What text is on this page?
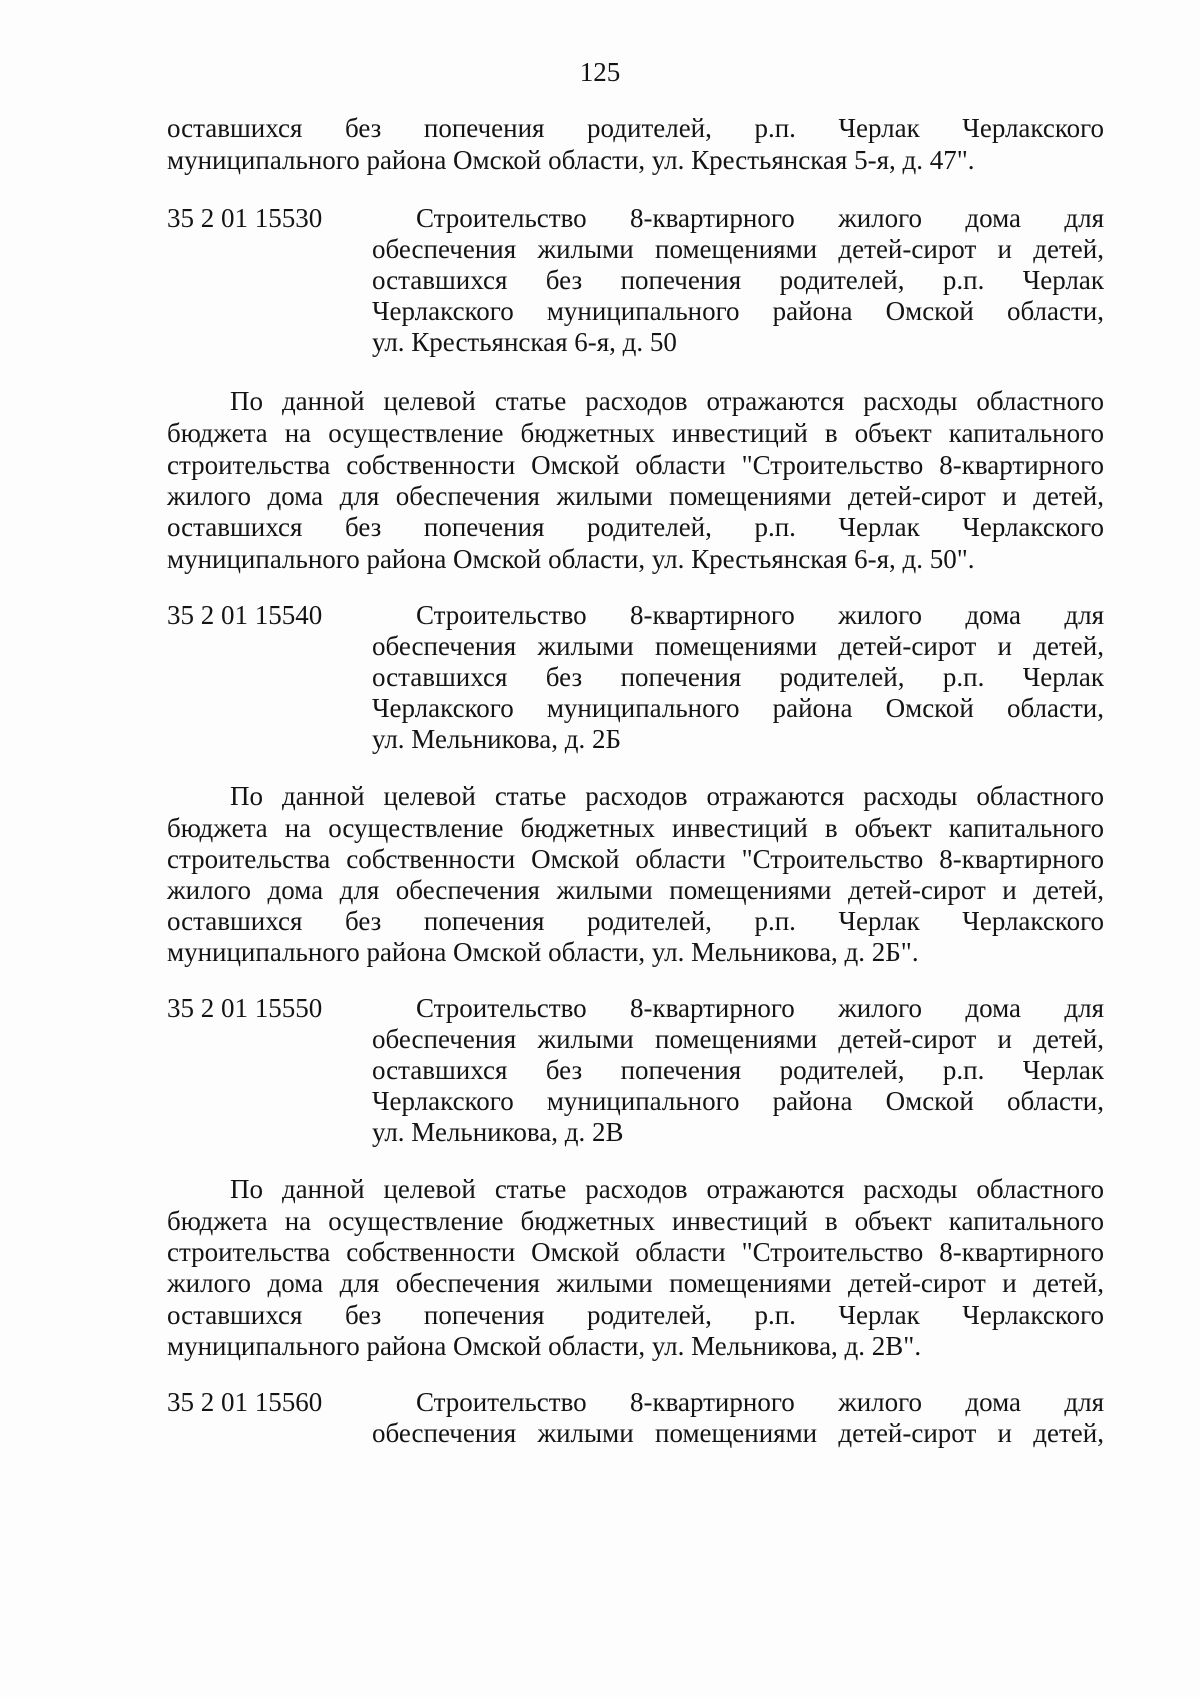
125
оставшихся без попечения родителей, р.п. Черлак Черлакского
муниципального района Омской области, ул. Крестьянская 5-я, д. 47".
35 2 01 15530	Строительство 8-квартирного жилого дома для
обеспечения жилыми помещениями детей-сирот и детей,
оставшихся без попечения родителей, р.п. Черлак
Черлакского муниципального района Омской области,
ул. Крестьянская 6-я, д. 50
По данной целевой статье расходов отражаются расходы областного
бюджета на осуществление бюджетных инвестиций в объект капитального
строительства собственности Омской области "Строительство 8-квартирного
жилого дома для обеспечения жилыми помещениями детей-сирот и детей,
оставшихся без попечения родителей, р.п. Черлак Черлакского
муниципального района Омской области, ул. Крестьянская 6-я, д. 50".
35 2 01 15540	Строительство 8-квартирного жилого дома для
обеспечения жилыми помещениями детей-сирот и детей,
оставшихся без попечения родителей, р.п. Черлак
Черлакского муниципального района Омской области,
ул. Мельникова, д. 2Б
По данной целевой статье расходов отражаются расходы областного
бюджета на осуществление бюджетных инвестиций в объект капитального
строительства собственности Омской области "Строительство 8-квартирного
жилого дома для обеспечения жилыми помещениями детей-сирот и детей,
оставшихся без попечения родителей, р.п. Черлак Черлакского
муниципального района Омской области, ул. Мельникова, д. 2Б".
35 2 01 15550	Строительство 8-квартирного жилого дома для
обеспечения жилыми помещениями детей-сирот и детей,
оставшихся без попечения родителей, р.п. Черлак
Черлакского муниципального района Омской области,
ул. Мельникова, д. 2В
По данной целевой статье расходов отражаются расходы областного
бюджета на осуществление бюджетных инвестиций в объект капитального
строительства собственности Омской области "Строительство 8-квартирного
жилого дома для обеспечения жилыми помещениями детей-сирот и детей,
оставшихся без попечения родителей, р.п. Черлак Черлакского
муниципального района Омской области, ул. Мельникова, д. 2В".
35 2 01 15560	Строительство 8-квартирного жилого дома для
обеспечения жилыми помещениями детей-сирот и детей,
